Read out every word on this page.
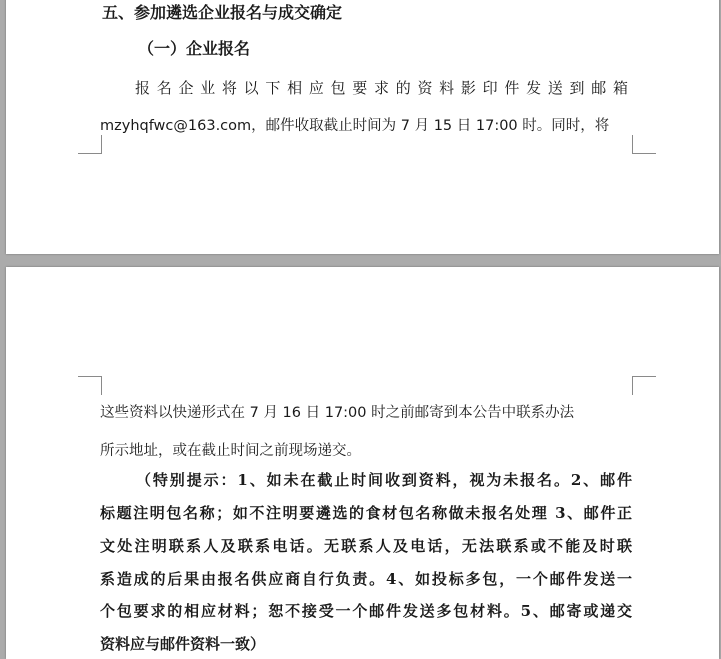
五、参加遴选企业报名与成交确定
（一）企业报名
报名企业将以下相应包要求的资料影印件发送到邮箱
mzyhqfwc@163.com，邮件收取截止时间为 7 月 15 日 17:00 时。同时，将
这些资料以快递形式在 7 月 16 日 17:00 时之前邮寄到本公告中联系办法
所示地址，或在截止时间之前现场递交。
（特别提示：1、如未在截止时间收到资料，视为未报名。2、邮件
标题注明包名称；如不注明要遴选的食材包名称做未报名处理 3、邮件正
文处注明联系人及联系电话。无联系人及电话，无法联系或不能及时联
系造成的后果由报名供应商自行负责。4、如投标多包，一个邮件发送一
个包要求的相应材料；恕不接受一个邮件发送多包材料。5、邮寄或递交
资料应与邮件资料一致）
